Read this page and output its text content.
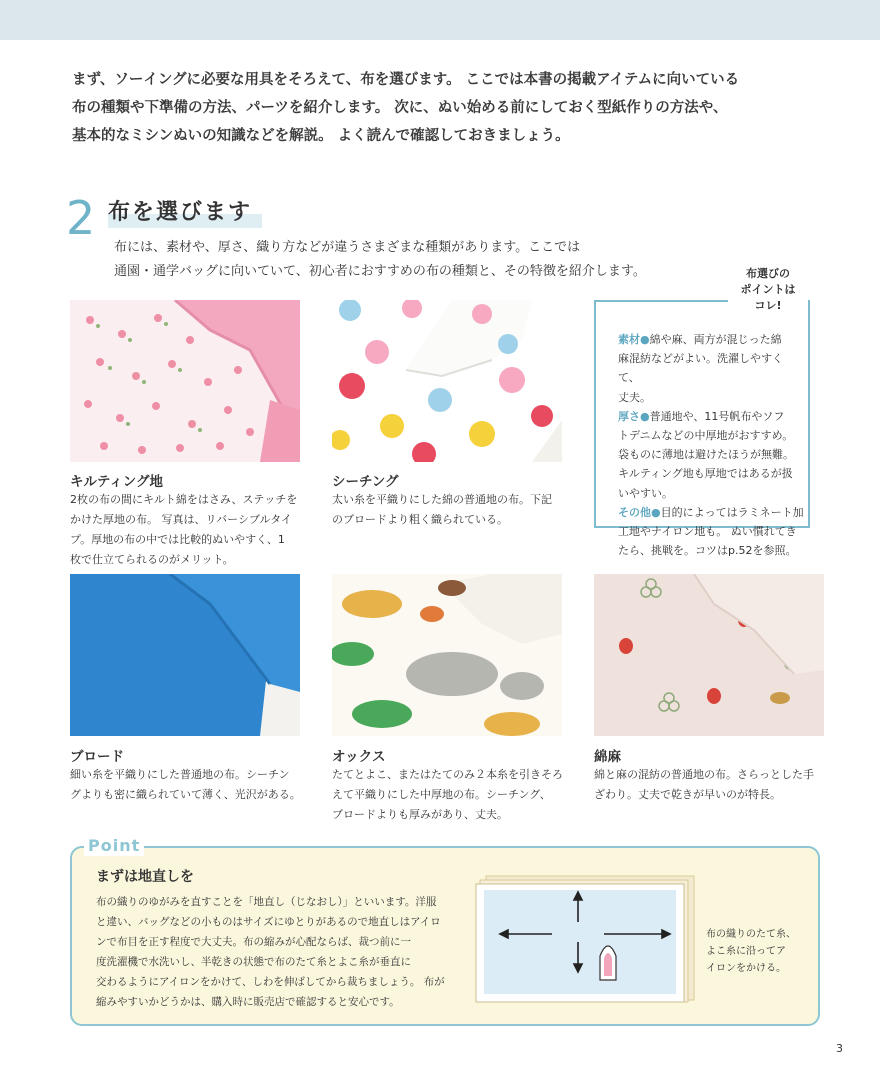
まず、ソーイングに必要な用具をそろえて、布を選びます。 ここでは本書の掲載アイテムに向いている
布の種類や下準備の方法、パーツを紹介します。 次に、ぬい始める前にしておく型紙作りの方法や、
基本的なミシンぬいの知識などを解説。 よく読んで確認しておきましょう。
2 布を選びます
布には、素材や、厚さ、織り方などが違うさまざまな種類があります。ここでは
通園・通学バッグに向いていて、初心者におすすめの布の種類と、その特徴を紹介します。
キルティング地
2枚の布の間にキルト綿をはさみ、ステッチを
かけた厚地の布。 写真は、リバーシブルタイ
プ。厚地の布の中では比較的ぬいやすく、1
枚で仕立てられるのがメリット。
シーチング
太い糸を平織りにした綿の普通地の布。下記
のブロードより粗く織られている。
ブロード
細い糸を平織りにした普通地の布。シーチン
グよりも密に織られていて薄く、光沢がある。
オックス
たてとよこ、またはたてのみ２本糸を引きそろ
えて平織りにした中厚地の布。シーチング、
ブロードよりも厚みがあり、丈夫。
綿麻
綿と麻の混紡の普通地の布。さらっとした手
ざわり。丈夫で乾きが早いのが特長。
布選びの
ポイントは
コレ!
素材●綿や麻、両方が混じった綿
麻混紡などがよい。洗濯しやすくて、
丈夫。
厚さ●普通地や、11号帆布やソフ
トデニムなどの中厚地がおすすめ。
袋ものに薄地は避けたほうが無難。
キルティング地も厚地ではあるが扱
いやすい。
その他●目的によってはラミネート加
工地やナイロン地も。 ぬい慣れてき
たら、挑戦を。コツはp.52を参照。
Point
まずは地直しを
布の織りのゆがみを直すことを「地直し（じなおし）」といいます。洋服
と違い、バッグなどの小ものはサイズにゆとりがあるので地直しはアイロ
ンで布目を正す程度で大丈夫。布の縮みが心配ならば、裁つ前に一
度洗濯機で水洗いし、半乾きの状態で布のたて糸とよこ糸が垂直に
交わるようにアイロンをかけて、しわを伸ばしてから裁ちましょう。 布が
縮みやすいかどうかは、購入時に販売店で確認すると安心です。
布の織りのたて糸、
よこ糸に沿ってア
イロンをかける。
3
